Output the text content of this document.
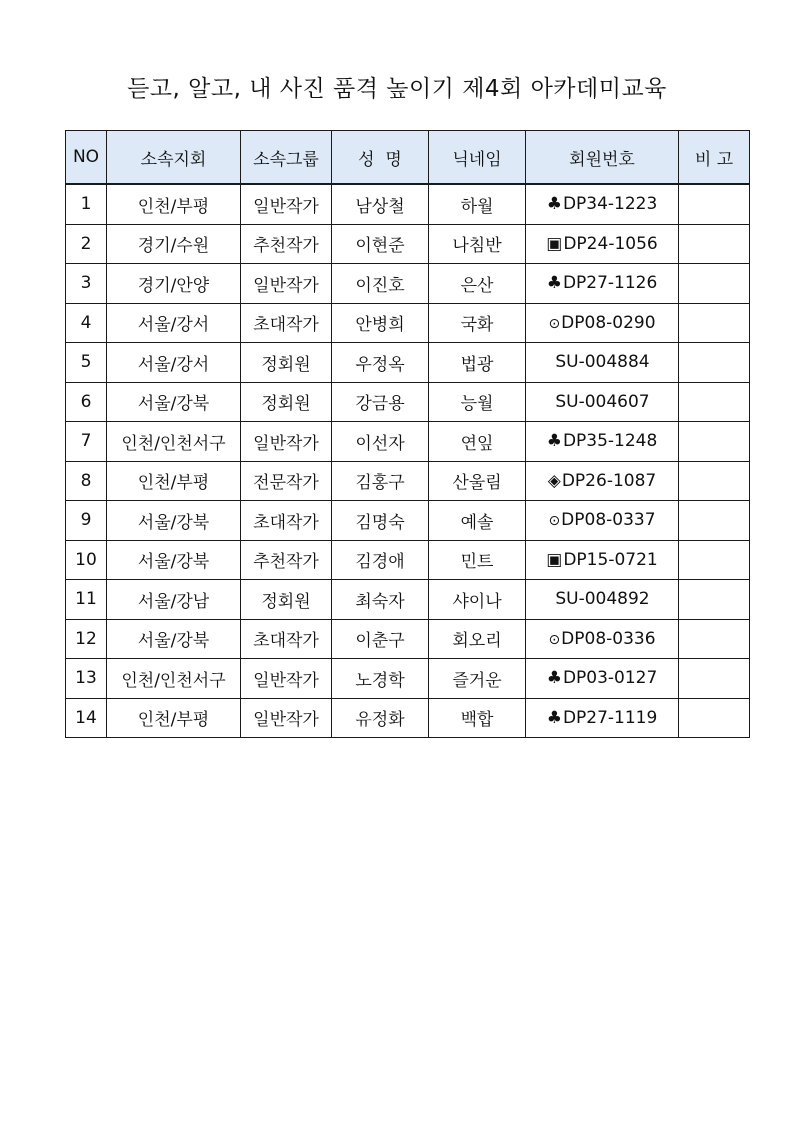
듣고, 알고, 내 사진 품격 높이기 제4회 아카데미교육
NO	소속지회	소속그룹	성  명	닉네임	회원번호	비 고
1	인천/부평	일반작가	남상철	하월	♣DP34-1223	
2	경기/수원	추천작가	이현준	나침반	▣DP24-1056	
3	경기/안양	일반작가	이진호	은산	♣DP27-1126	
4	서울/강서	초대작가	안병희	국화	⊙DP08-0290	
5	서울/강서	정회원	우정옥	법광	SU-004884	
6	서울/강북	정회원	강금용	능월	SU-004607	
7	인천/인천서구	일반작가	이선자	연잎	♣DP35-1248	
8	인천/부평	전문작가	김홍구	산울림	◈DP26-1087	
9	서울/강북	초대작가	김명숙	예솔	⊙DP08-0337	
10	서울/강북	추천작가	김경애	민트	▣DP15-0721	
11	서울/강남	정회원	최숙자	샤이나	SU-004892	
12	서울/강북	초대작가	이춘구	회오리	⊙DP08-0336	
13	인천/인천서구	일반작가	노경학	즐거운	♣DP03-0127	
14	인천/부평	일반작가	유정화	백합	♣DP27-1119	
